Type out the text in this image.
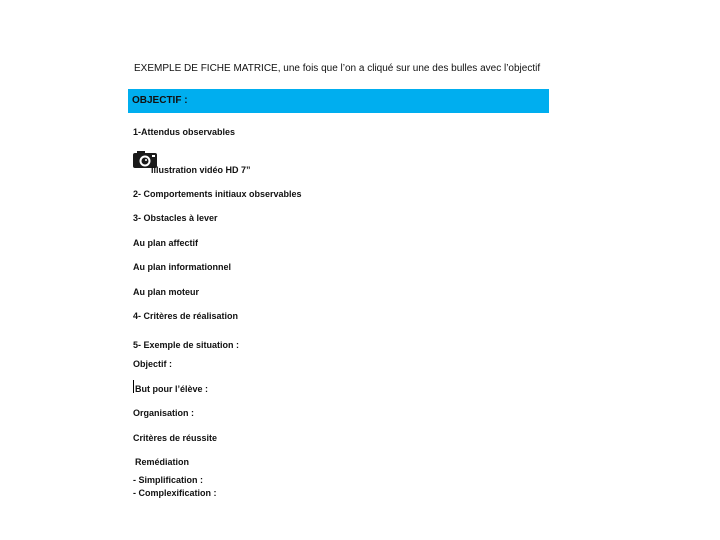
EXEMPLE DE FICHE MATRICE, une fois que l’on a cliqué sur une des bulles avec l’objectif
OBJECTIF :
1-Attendus observables
Illustration vidéo HD 7”
2- Comportements initiaux observables
3- Obstacles à lever
Au plan affectif
Au plan informationnel
Au plan moteur
4- Critères de réalisation
5- Exemple de situation :
Objectif :
But pour l’élève :
Organisation :
Critères de réussite
Remédiation
- Simplification :
- Complexification :
